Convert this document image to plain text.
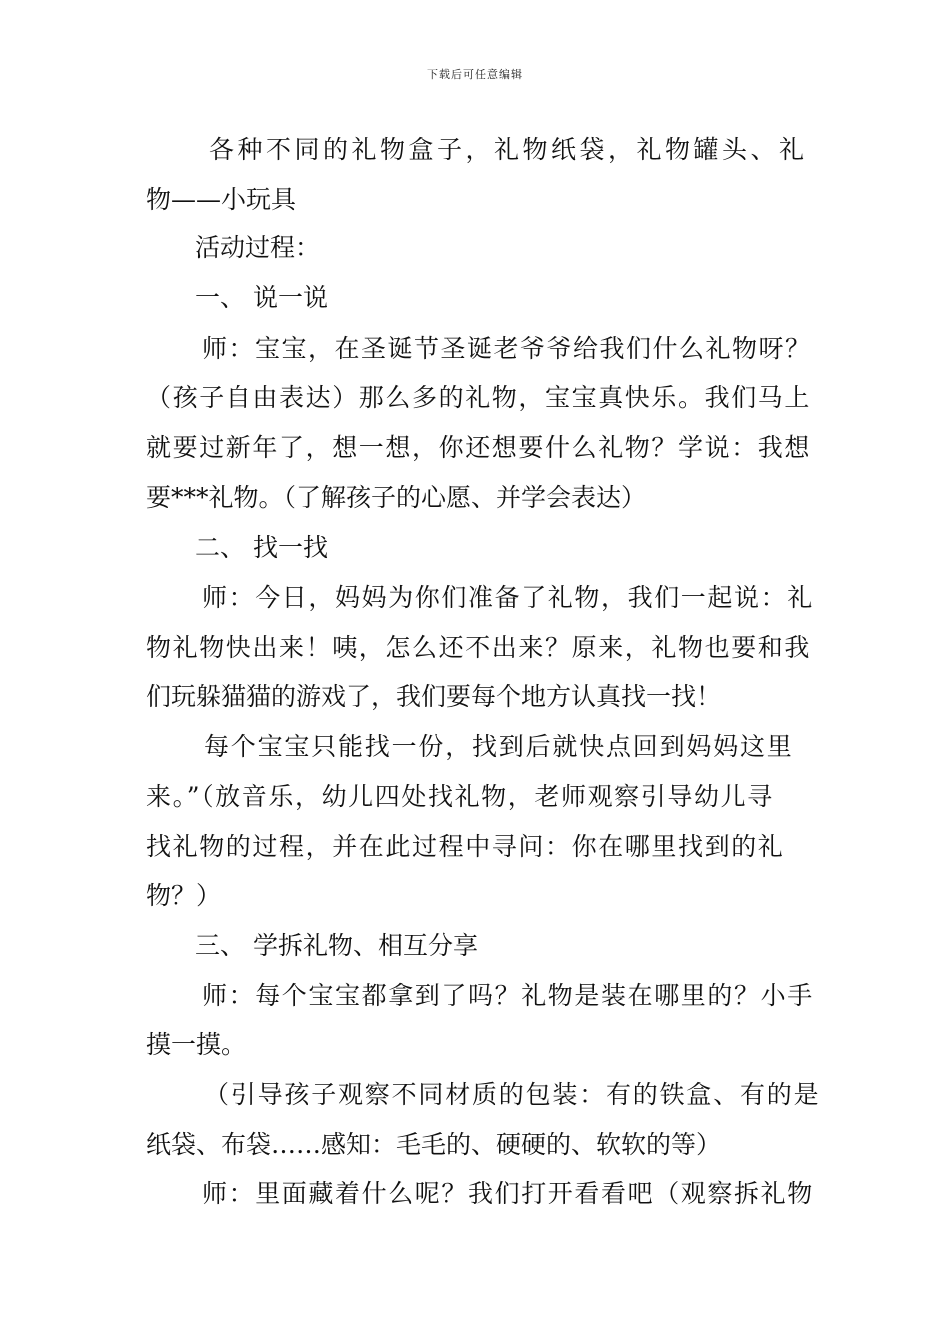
下载后可任意编辑
各种不同的礼物盒子，礼物纸袋，礼物罐头、礼
物——小玩具
活动过程：
一、 说一说
师：宝宝，在圣诞节圣诞老爷爷给我们什么礼物呀？
（孩子自由表达）那么多的礼物，宝宝真快乐。我们马上
就要过新年了，想一想，你还想要什么礼物？学说：我想
要***礼物。（了解孩子的心愿、并学会表达）
二、 找一找
师：今日，妈妈为你们准备了礼物，我们一起说：礼
物礼物快出来！咦，怎么还不出来？原来，礼物也要和我
们玩躲猫猫的游戏了，我们要每个地方认真找一找！
每个宝宝只能找一份，找到后就快点回到妈妈这里
来。”（放音乐，幼儿四处找礼物，老师观察引导幼儿寻
找礼物的过程，并在此过程中寻问：你在哪里找到的礼
物？）
三、 学拆礼物、相互分享
师：每个宝宝都拿到了吗？礼物是装在哪里的？小手
摸一摸。
（引导孩子观察不同材质的包装：有的铁盒、有的是
纸袋、布袋……感知：毛毛的、硬硬的、软软的等）
师：里面藏着什么呢？我们打开看看吧（观察拆礼物
